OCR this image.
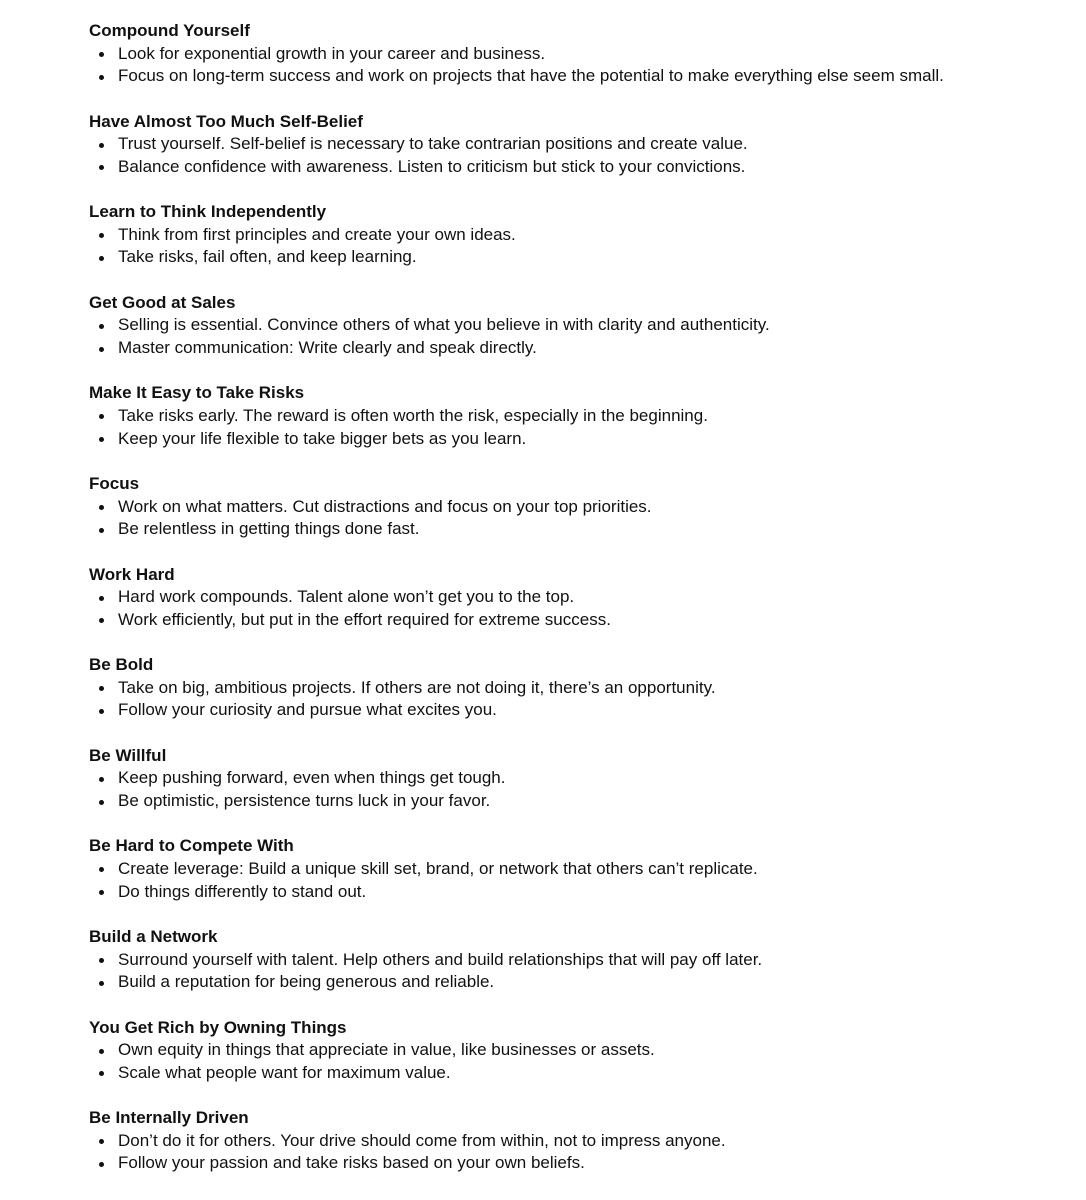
Compound Yourself
Look for exponential growth in your career and business.
Focus on long-term success and work on projects that have the potential to make everything else seem small.
Have Almost Too Much Self-Belief
Trust yourself. Self-belief is necessary to take contrarian positions and create value.
Balance confidence with awareness. Listen to criticism but stick to your convictions.
Learn to Think Independently
Think from first principles and create your own ideas.
Take risks, fail often, and keep learning.
Get Good at Sales
Selling is essential. Convince others of what you believe in with clarity and authenticity.
Master communication: Write clearly and speak directly.
Make It Easy to Take Risks
Take risks early. The reward is often worth the risk, especially in the beginning.
Keep your life flexible to take bigger bets as you learn.
Focus
Work on what matters. Cut distractions and focus on your top priorities.
Be relentless in getting things done fast.
Work Hard
Hard work compounds. Talent alone won’t get you to the top.
Work efficiently, but put in the effort required for extreme success.
Be Bold
Take on big, ambitious projects. If others are not doing it, there’s an opportunity.
Follow your curiosity and pursue what excites you.
Be Willful
Keep pushing forward, even when things get tough.
Be optimistic, persistence turns luck in your favor.
Be Hard to Compete With
Create leverage: Build a unique skill set, brand, or network that others can’t replicate.
Do things differently to stand out.
Build a Network
Surround yourself with talent. Help others and build relationships that will pay off later.
Build a reputation for being generous and reliable.
You Get Rich by Owning Things
Own equity in things that appreciate in value, like businesses or assets.
Scale what people want for maximum value.
Be Internally Driven
Don’t do it for others. Your drive should come from within, not to impress anyone.
Follow your passion and take risks based on your own beliefs.
